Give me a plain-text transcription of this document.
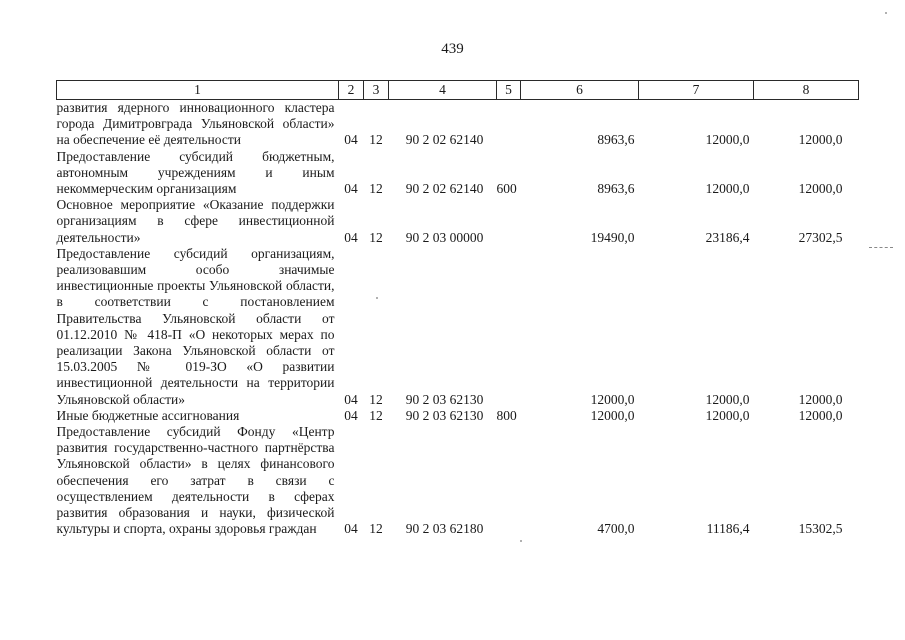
439
1	2	3	4	5	6	7	8
развития ядерного инновационного кластера города Димитровграда Ульяновской области» на обеспечение её деятельности	04	12	90 2 02 62140		8963,6	12000,0	12000,0
Предоставление субсидий бюджетным, автономным учреждениям и иным некоммерческим организациям	04	12	90 2 02 62140	600	8963,6	12000,0	12000,0
Основное мероприятие «Оказание поддержки организациям в сфере инвестиционной деятельности»	04	12	90 2 03 00000		19490,0	23186,4	27302,5
Предоставление субсидий организациям, реализовавшим особо значимые инвестиционные проекты Ульяновской области, в соответствии с постановлением Правительства Ульяновской области от 01.12.2010 № 418-П «О некоторых мерах по реализации Закона Ульяновской области от 15.03.2005 № 019-ЗО «О развитии инвестиционной деятельности на территории Ульяновской области»	04	12	90 2 03 62130		12000,0	12000,0	12000,0
Иные бюджетные ассигнования	04	12	90 2 03 62130	800	12000,0	12000,0	12000,0
Предоставление субсидий Фонду «Центр развития государственно-частного партнёрства Ульяновской области» в целях финансового обеспечения его затрат в связи с осуществлением деятельности в сферах развития образования и науки, физической культуры и спорта, охраны здоровья граждан	04	12	90 2 03 62180		4700,0	11186,4	15302,5
